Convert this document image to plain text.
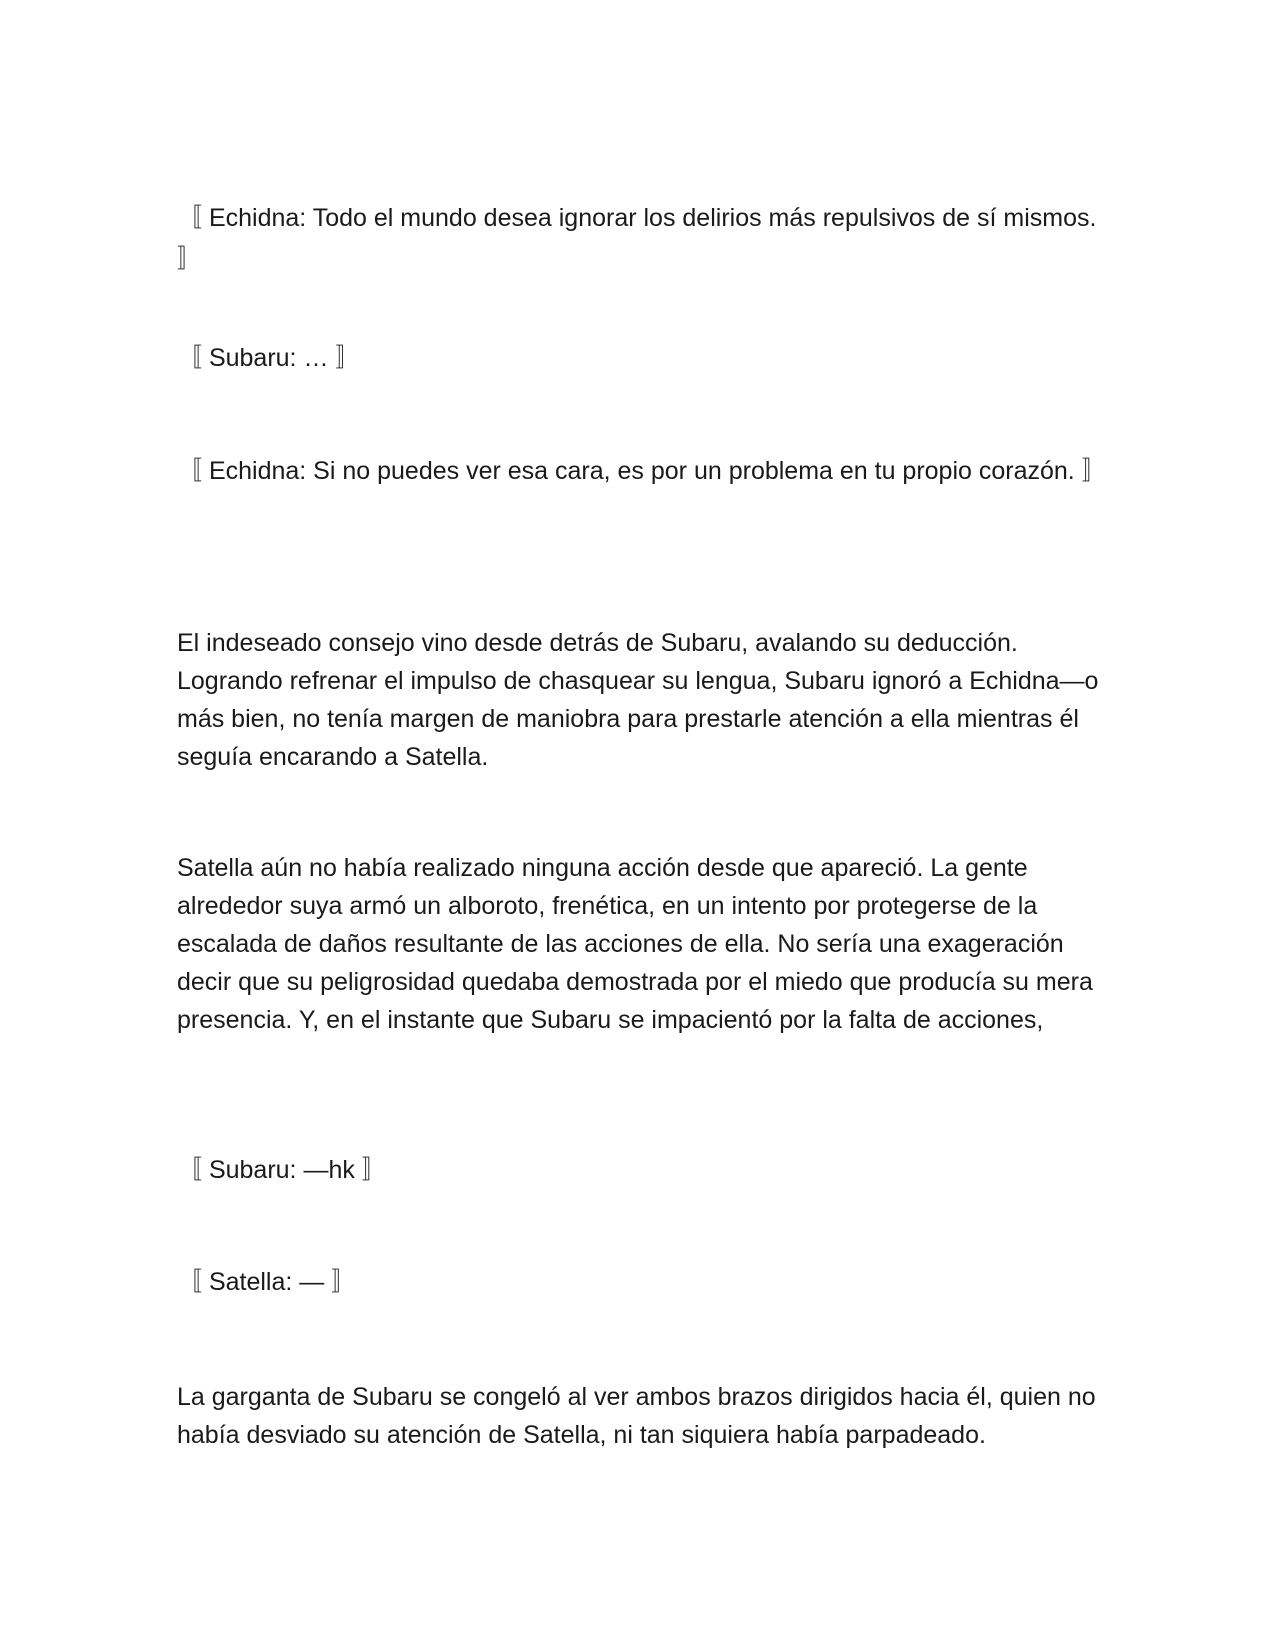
〚 Echidna: Todo el mundo desea ignorar los delirios más repulsivos de sí mismos. 〛

〚 Subaru: … 〛

〚 Echidna: Si no puedes ver esa cara, es por un problema en tu propio corazón. 〛

El indeseado consejo vino desde detrás de Subaru, avalando su deducción. Logrando refrenar el impulso de chasquear su lengua, Subaru ignoró a Echidna—o más bien, no tenía margen de maniobra para prestarle atención a ella mientras él seguía encarando a Satella.

Satella aún no había realizado ninguna acción desde que apareció. La gente alrededor suya armó un alboroto, frenética, en un intento por protegerse de la escalada de daños resultante de las acciones de ella. No sería una exageración decir que su peligrosidad quedaba demostrada por el miedo que producía su mera presencia. Y, en el instante que Subaru se impacientó por la falta de acciones,

〚 Subaru: —hk 〛

〚 Satella: — 〛

La garganta de Subaru se congeló al ver ambos brazos dirigidos hacia él, quien no había desviado su atención de Satella, ni tan siquiera había parpadeado.
